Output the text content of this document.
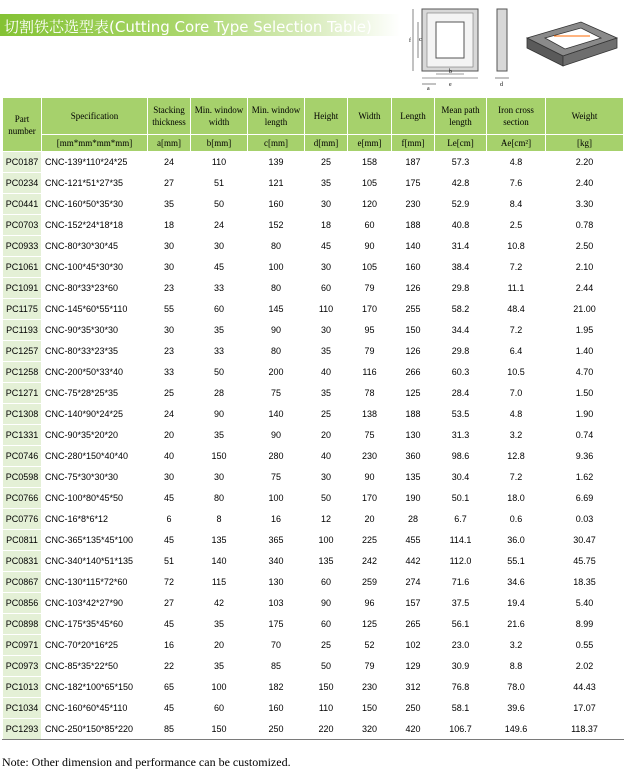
切割铁芯选型表(Cutting Core Type Selection Table)
f c
b
e
a
d
Part number	Specification	Stacking thickness	Min. window width	Min. window length	Height	Width	Length	Mean path length	Iron cross section	Weight
	[mm*mm*mm*mm]	a[mm]	b[mm]	c[mm]	d[mm]	e[mm]	f[mm]	Le[cm]	Ae[cm²]	[kg]
PC0187	CNC-139*110*24*25	24	110	139	25	158	187	57.3	4.8	2.20
PC0234	CNC-121*51*27*35	27	51	121	35	105	175	42.8	7.6	2.40
PC0441	CNC-160*50*35*30	35	50	160	30	120	230	52.9	8.4	3.30
PC0703	CNC-152*24*18*18	18	24	152	18	60	188	40.8	2.5	0.78
PC0933	CNC-80*30*30*45	30	30	80	45	90	140	31.4	10.8	2.50
PC1061	CNC-100*45*30*30	30	45	100	30	105	160	38.4	7.2	2.10
PC1091	CNC-80*33*23*60	23	33	80	60	79	126	29.8	11.1	2.44
PC1175	CNC-145*60*55*110	55	60	145	110	170	255	58.2	48.4	21.00
PC1193	CNC-90*35*30*30	30	35	90	30	95	150	34.4	7.2	1.95
PC1257	CNC-80*33*23*35	23	33	80	35	79	126	29.8	6.4	1.40
PC1258	CNC-200*50*33*40	33	50	200	40	116	266	60.3	10.5	4.70
PC1271	CNC-75*28*25*35	25	28	75	35	78	125	28.4	7.0	1.50
PC1308	CNC-140*90*24*25	24	90	140	25	138	188	53.5	4.8	1.90
PC1331	CNC-90*35*20*20	20	35	90	20	75	130	31.3	3.2	0.74
PC0746	CNC-280*150*40*40	40	150	280	40	230	360	98.6	12.8	9.36
PC0598	CNC-75*30*30*30	30	30	75	30	90	135	30.4	7.2	1.62
PC0766	CNC-100*80*45*50	45	80	100	50	170	190	50.1	18.0	6.69
PC0776	CNC-16*8*6*12	6	8	16	12	20	28	6.7	0.6	0.03
PC0811	CNC-365*135*45*100	45	135	365	100	225	455	114.1	36.0	30.47
PC0831	CNC-340*140*51*135	51	140	340	135	242	442	112.0	55.1	45.75
PC0867	CNC-130*115*72*60	72	115	130	60	259	274	71.6	34.6	18.35
PC0856	CNC-103*42*27*90	27	42	103	90	96	157	37.5	19.4	5.40
PC0898	CNC-175*35*45*60	45	35	175	60	125	265	56.1	21.6	8.99
PC0971	CNC-70*20*16*25	16	20	70	25	52	102	23.0	3.2	0.55
PC0973	CNC-85*35*22*50	22	35	85	50	79	129	30.9	8.8	2.02
PC1013	CNC-182*100*65*150	65	100	182	150	230	312	76.8	78.0	44.43
PC1034	CNC-160*60*45*110	45	60	160	110	150	250	58.1	39.6	17.07
PC1293	CNC-250*150*85*220	85	150	250	220	320	420	106.7	149.6	118.37
Note: Other dimension and performance can be customized.
